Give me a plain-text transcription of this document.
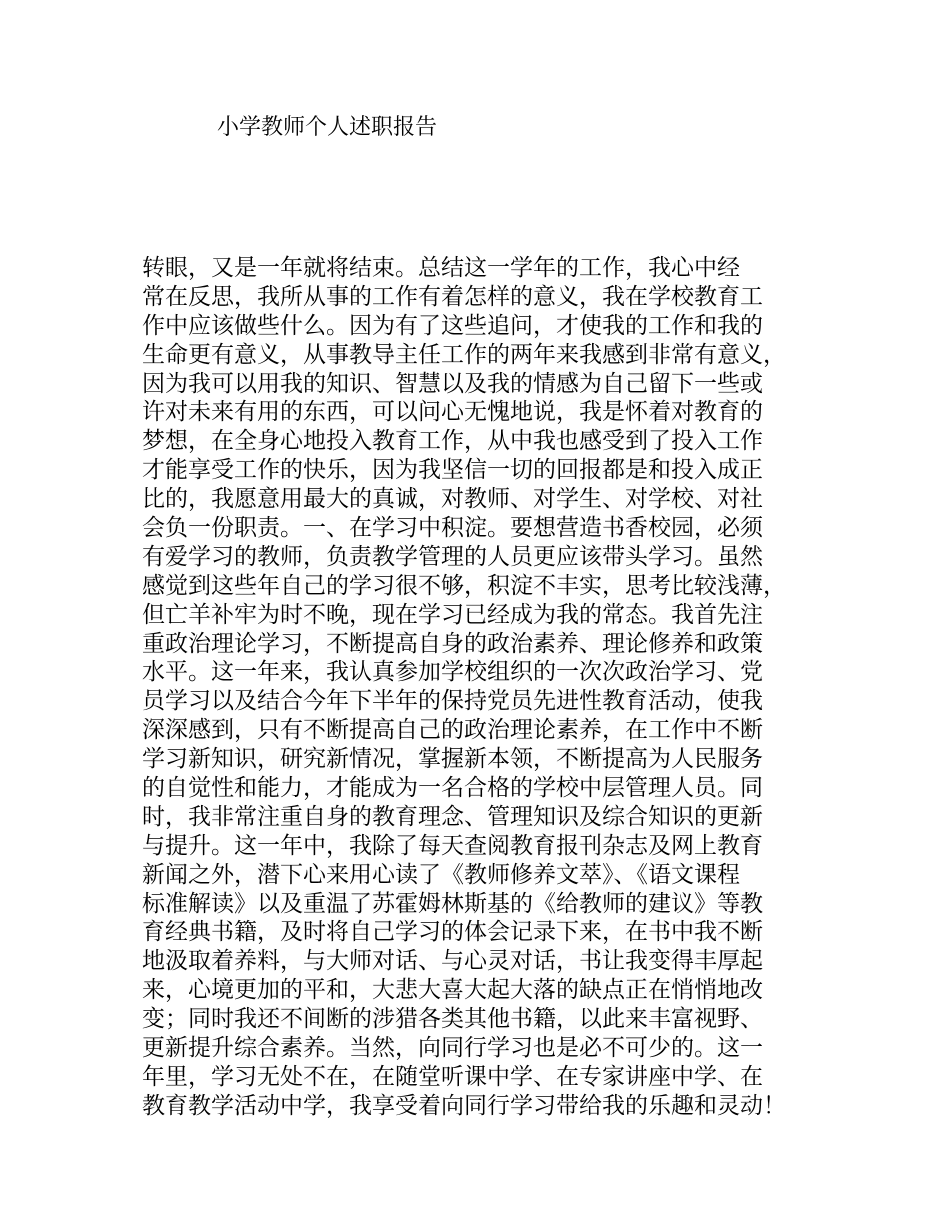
小学教师个人述职报告
转眼，又是一年就将结束。总结这一学年的工作，我心中经
常在反思，我所从事的工作有着怎样的意义，我在学校教育工
作中应该做些什么。因为有了这些追问，才使我的工作和我的
生命更有意义，从事教导主任工作的两年来我感到非常有意义，
因为我可以用我的知识、智慧以及我的情感为自己留下一些或
许对未来有用的东西，可以问心无愧地说，我是怀着对教育的
梦想，在全身心地投入教育工作，从中我也感受到了投入工作
才能享受工作的快乐，因为我坚信一切的回报都是和投入成正
比的，我愿意用最大的真诚，对教师、对学生、对学校、对社
会负一份职责。一、在学习中积淀。要想营造书香校园，必须
有爱学习的教师，负责教学管理的人员更应该带头学习。虽然
感觉到这些年自己的学习很不够，积淀不丰实，思考比较浅薄，
但亡羊补牢为时不晚，现在学习已经成为我的常态。我首先注
重政治理论学习，不断提高自身的政治素养、理论修养和政策
水平。这一年来，我认真参加学校组织的一次次政治学习、党
员学习以及结合今年下半年的保持党员先进性教育活动，使我
深深感到，只有不断提高自己的政治理论素养，在工作中不断
学习新知识，研究新情况，掌握新本领，不断提高为人民服务
的自觉性和能力，才能成为一名合格的学校中层管理人员。同
时，我非常注重自身的教育理念、管理知识及综合知识的更新
与提升。这一年中，我除了每天查阅教育报刊杂志及网上教育
新闻之外，潜下心来用心读了《教师修养文萃》、《语文课程
标准解读》以及重温了苏霍姆林斯基的《给教师的建议》等教
育经典书籍，及时将自己学习的体会记录下来，在书中我不断
地汲取着养料，与大师对话、与心灵对话，书让我变得丰厚起
来，心境更加的平和，大悲大喜大起大落的缺点正在悄悄地改
变；同时我还不间断的涉猎各类其他书籍，以此来丰富视野、
更新提升综合素养。当然，向同行学习也是必不可少的。这一
年里，学习无处不在，在随堂听课中学、在专家讲座中学、在
教育教学活动中学，我享受着向同行学习带给我的乐趣和灵动！
